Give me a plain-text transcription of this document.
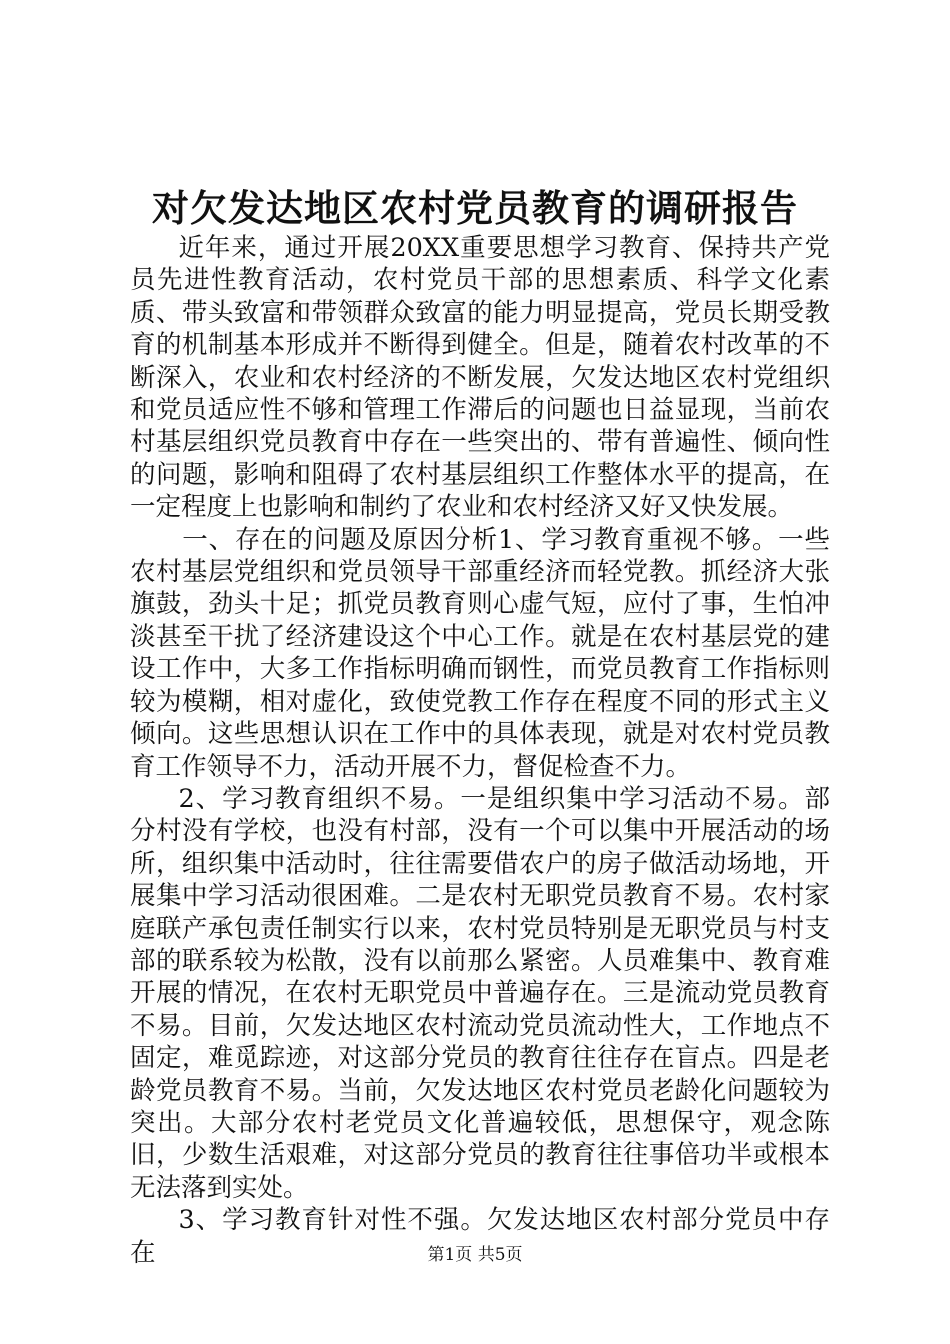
对欠发达地区农村党员教育的调研报告

近年来，通过开展20XX重要思想学习教育、保持共产党员先进性教育活动，农村党员干部的思想素质、科学文化素质、带头致富和带领群众致富的能力明显提高，党员长期受教育的机制基本形成并不断得到健全。但是，随着农村改革的不断深入，农业和农村经济的不断发展，欠发达地区农村党组织和党员适应性不够和管理工作滞后的问题也日益显现，当前农村基层组织党员教育中存在一些突出的、带有普遍性、倾向性的问题，影响和阻碍了农村基层组织工作整体水平的提高，在一定程度上也影响和制约了农业和农村经济又好又快发展。

一、存在的问题及原因分析1、学习教育重视不够。一些农村基层党组织和党员领导干部重经济而轻党教。抓经济大张旗鼓，劲头十足；抓党员教育则心虚气短，应付了事，生怕冲淡甚至干扰了经济建设这个中心工作。就是在农村基层党的建设工作中，大多工作指标明确而钢性，而党员教育工作指标则较为模糊，相对虚化，致使党教工作存在程度不同的形式主义倾向。这些思想认识在工作中的具体表现，就是对农村党员教育工作领导不力，活动开展不力，督促检查不力。

2、学习教育组织不易。一是组织集中学习活动不易。部分村没有学校，也没有村部，没有一个可以集中开展活动的场所，组织集中活动时，往往需要借农户的房子做活动场地，开展集中学习活动很困难。二是农村无职党员教育不易。农村家庭联产承包责任制实行以来，农村党员特别是无职党员与村支部的联系较为松散，没有以前那么紧密。人员难集中、教育难开展的情况，在农村无职党员中普遍存在。三是流动党员教育不易。目前，欠发达地区农村流动党员流动性大，工作地点不固定，难觅踪迹，对这部分党员的教育往往存在盲点。四是老龄党员教育不易。当前，欠发达地区农村党员老龄化问题较为突出。大部分农村老党员文化普遍较低，思想保守，观念陈旧，少数生活艰难，对这部分党员的教育往往事倍功半或根本无法落到实处。

3、学习教育针对性不强。欠发达地区农村部分党员中存在	第1页 共5页
